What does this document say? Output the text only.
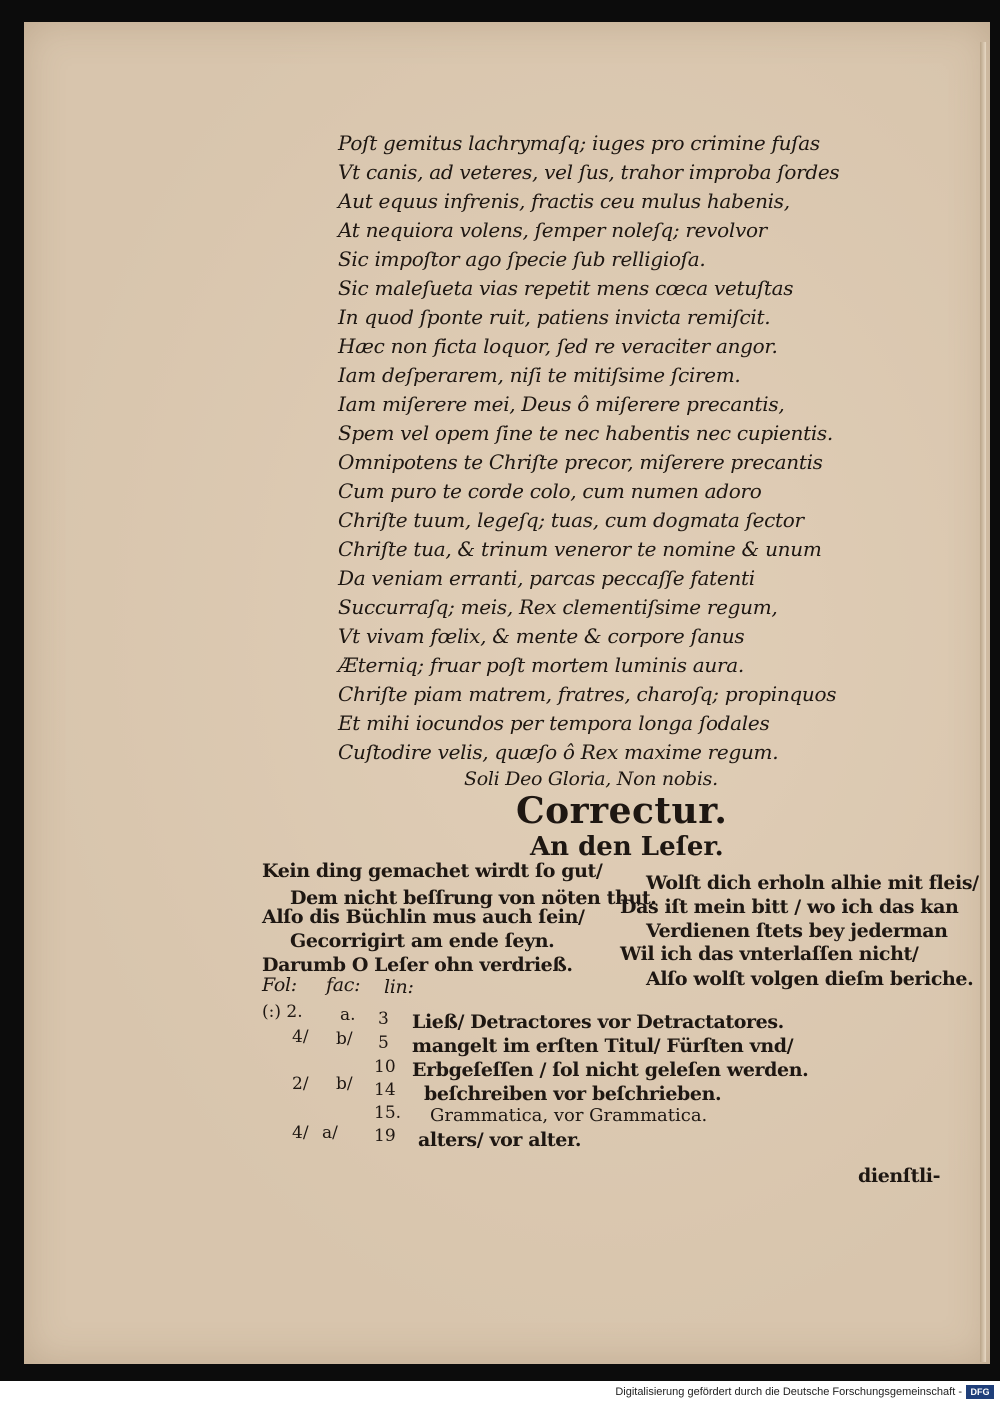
Poſt gemitus lachrymaſq; iuges pro crimine fuſas
Vt canis, ad veteres, vel ſus, trahor improba ſordes
Aut equus infrenis, fractis ceu mulus habenis,
At nequiora volens, ſemper noleſq; revolvor
Sic impoſtor ago ſpecie ſub relligioſa.
Sic maleſueta vias repetit mens cœca vetuſtas
In quod ſponte ruit, patiens invicta remiſcit.
Hæc non ficta loquor, ſed re veraciter angor.
Iam deſperarem, niſi te mitiſsime ſcirem.
Iam miſerere mei, Deus ô miſerere precantis,
Spem vel opem ſine te nec habentis nec cupientis.
Omnipotens te Chriſte precor, miſerere precantis
Cum puro te corde colo, cum numen adoro
Chriſte tuum, legeſq; tuas, cum dogmata ſector
Chriſte tua, & trinum veneror te nomine & unum
Da veniam erranti, parcas peccaſſe fatenti
Succurraſq; meis, Rex clementiſsime regum,
Vt vivam fœlix, & mente & corpore ſanus
Æterniq; fruar poſt mortem luminis aura.
Chriſte piam matrem, fratres, charoſq; propinquos
Et mihi iocundos per tempora longa ſodales
Cuſtodire velis, quæſo ô Rex maxime regum.
Soli Deo Gloria, Non nobis.
Correctur.
An den Leſer.
Kein ding gemachet wirdt ſo gut/
Dem nicht beſſrung von nöten thut.
Alſo dis Büchlin mus auch ſein/
Gecorrigirt am ende ſeyn.
Darumb O Leſer ohn verdrieß.
Wolſt dich erholn alhie mit fleis/
Das iſt mein bitt / wo ich das kan
Verdienen ſtets bey jederman
Wil ich das vnterlaſſen nicht/
Alſo wolſt volgen dieſm beriche.
Fol: fac: lin:
(:) 2. a. 3 Ließ/ Detractores vor Detractatores.
4/ b/ 5 mangelt im erſten Titul/ Fürſten vnd/
10 Erbgeſeſſen / ſol nicht geleſen werden.
2/ b/ 14 beſchreiben vor beſchrieben.
15. Grammatica, vor Grammatica.
4/ a/ 19 alters/ vor alter.
dienſtli-
Digitalisierung gefördert durch die Deutsche Forschungsgemeinschaft - DFG
